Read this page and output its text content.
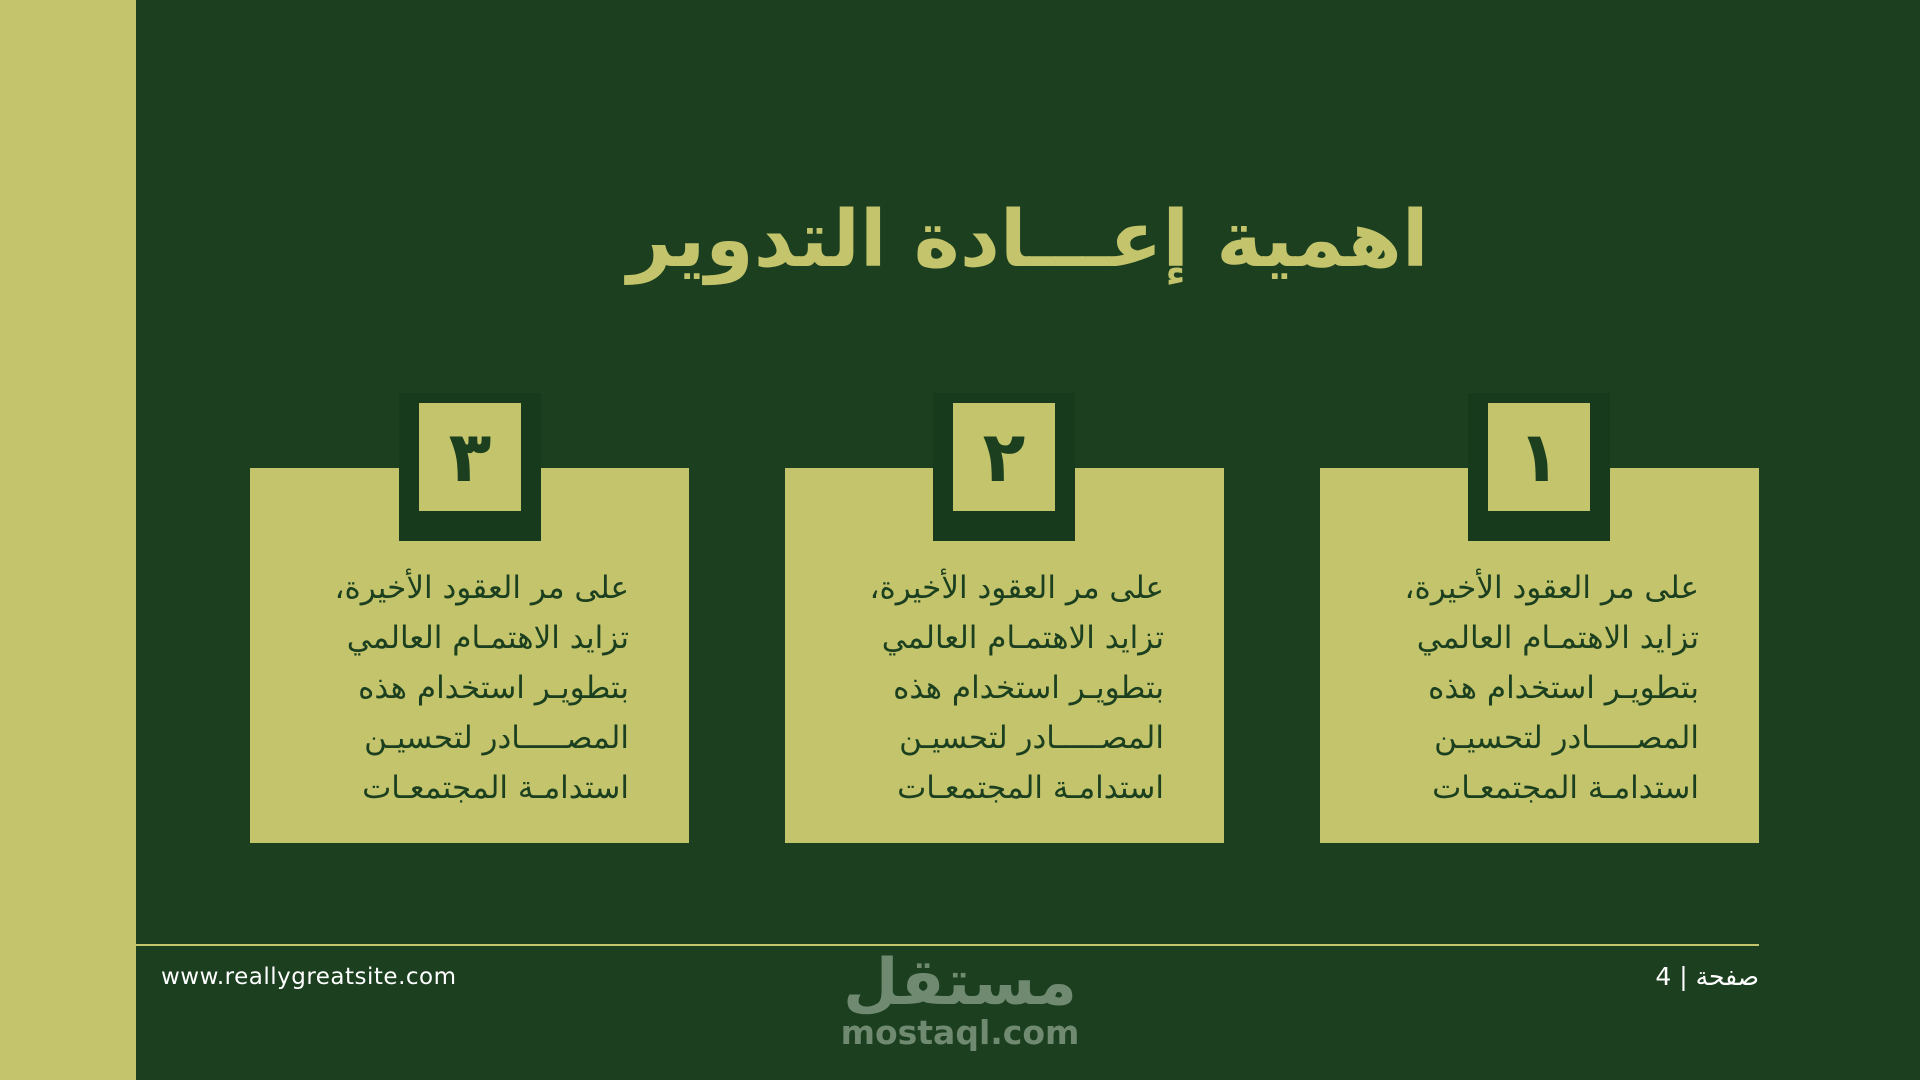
اهمية إعـــادة التدوير
على مر العقود الأخيرة،
تزايد الاهتمـام العالمي
بتطويـر استخدام هذه
المصـــــادر لتحسيـن
استدامـة المجتمعـات
٣
على مر العقود الأخيرة،
تزايد الاهتمـام العالمي
بتطويـر استخدام هذه
المصـــــادر لتحسيـن
استدامـة المجتمعـات
٢
على مر العقود الأخيرة،
تزايد الاهتمـام العالمي
بتطويـر استخدام هذه
المصـــــادر لتحسيـن
استدامـة المجتمعـات
١
www.reallygreatsite.com	صفحة | 4
مستقل
mostaql.com
